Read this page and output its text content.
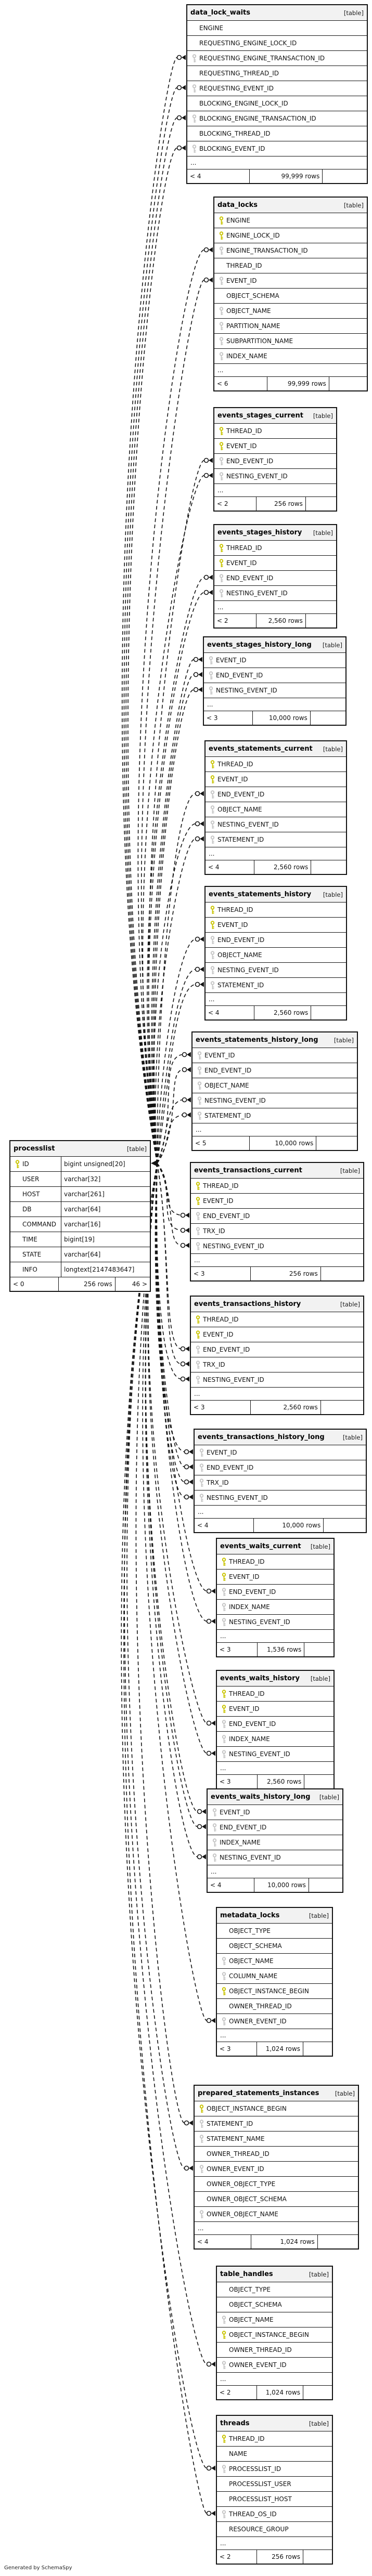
Generated by SchemaSpy
data_lock_waits	[table]
ENGINE
REQUESTING_ENGINE_LOCK_ID
REQUESTING_ENGINE_TRANSACTION_ID
REQUESTING_THREAD_ID
REQUESTING_EVENT_ID
BLOCKING_ENGINE_LOCK_ID
BLOCKING_ENGINE_TRANSACTION_ID
BLOCKING_THREAD_ID
BLOCKING_EVENT_ID
...
< 4	99,999 rows
data_locks	[table]
ENGINE
ENGINE_LOCK_ID
ENGINE_TRANSACTION_ID
THREAD_ID
EVENT_ID
OBJECT_SCHEMA
OBJECT_NAME
PARTITION_NAME
SUBPARTITION_NAME
INDEX_NAME
...
< 6	99,999 rows
events_stages_current [table]
THREAD_ID
EVENT_ID
END_EVENT_ID
NESTING_EVENT_ID
...
< 2	256 rows
events_stages_history [table]
THREAD_ID
EVENT_ID
END_EVENT_ID
NESTING_EVENT_ID
...
< 2	2,560 rows
events_stages_history_long [table]
EVENT_ID
END_EVENT_ID
NESTING_EVENT_ID
...
< 3	10,000 rows
events_statements_current [table]
THREAD_ID
EVENT_ID
END_EVENT_ID
OBJECT_NAME
NESTING_EVENT_ID
STATEMENT_ID
...
< 4	2,560 rows
events_statements_history [table]
THREAD_ID
EVENT_ID
END_EVENT_ID
OBJECT_NAME
NESTING_EVENT_ID
STATEMENT_ID
...
< 4	2,560 rows
events_statements_history_long	[table]
EVENT_ID
END_EVENT_ID
OBJECT_NAME
NESTING_EVENT_ID
STATEMENT_ID
...
< 5	10,000 rows
processlist	[table]
ID	bigint unsigned[20]
USER	varchar[32]
HOST	varchar[261]
DB	varchar[64]
COMMAND	varchar[16]
TIME	bigint[19]
STATE	varchar[64]
INFO	longtext[2147483647]
< 0	256 rows	46 >
events_transactions_current	[table]
THREAD_ID
EVENT_ID
END_EVENT_ID
TRX_ID
NESTING_EVENT_ID
...
< 3	256 rows
events_transactions_history	[table]
THREAD_ID
EVENT_ID
END_EVENT_ID
TRX_ID
NESTING_EVENT_ID
...
< 3	2,560 rows
events_transactions_history_long	[table]
EVENT_ID
END_EVENT_ID
TRX_ID
NESTING_EVENT_ID
...
< 4	10,000 rows
events_waits_current [table]
THREAD_ID
EVENT_ID
END_EVENT_ID
INDEX_NAME
NESTING_EVENT_ID
...
< 3	1,536 rows
events_waits_history [table]
THREAD_ID
EVENT_ID
END_EVENT_ID
INDEX_NAME
NESTING_EVENT_ID
...
< 3	2,560 rows
events_waits_history_long [table]
EVENT_ID
END_EVENT_ID
INDEX_NAME
NESTING_EVENT_ID
...
< 4	10,000 rows
metadata_locks	[table]
OBJECT_TYPE
OBJECT_SCHEMA
OBJECT_NAME
COLUMN_NAME
OBJECT_INSTANCE_BEGIN
OWNER_THREAD_ID
OWNER_EVENT_ID
...
< 3	1,024 rows
prepared_statements_instances	[table]
OBJECT_INSTANCE_BEGIN
STATEMENT_ID
STATEMENT_NAME
OWNER_THREAD_ID
OWNER_EVENT_ID
OWNER_OBJECT_TYPE
OWNER_OBJECT_SCHEMA
OWNER_OBJECT_NAME
...
< 4	1,024 rows
table_handles	[table]
OBJECT_TYPE
OBJECT_SCHEMA
OBJECT_NAME
OBJECT_INSTANCE_BEGIN
OWNER_THREAD_ID
OWNER_EVENT_ID
...
< 2	1,024 rows
threads	[table]
THREAD_ID
NAME
PROCESSLIST_ID
PROCESSLIST_USER
PROCESSLIST_HOST
THREAD_OS_ID
RESOURCE_GROUP
...
< 2	256 rows
